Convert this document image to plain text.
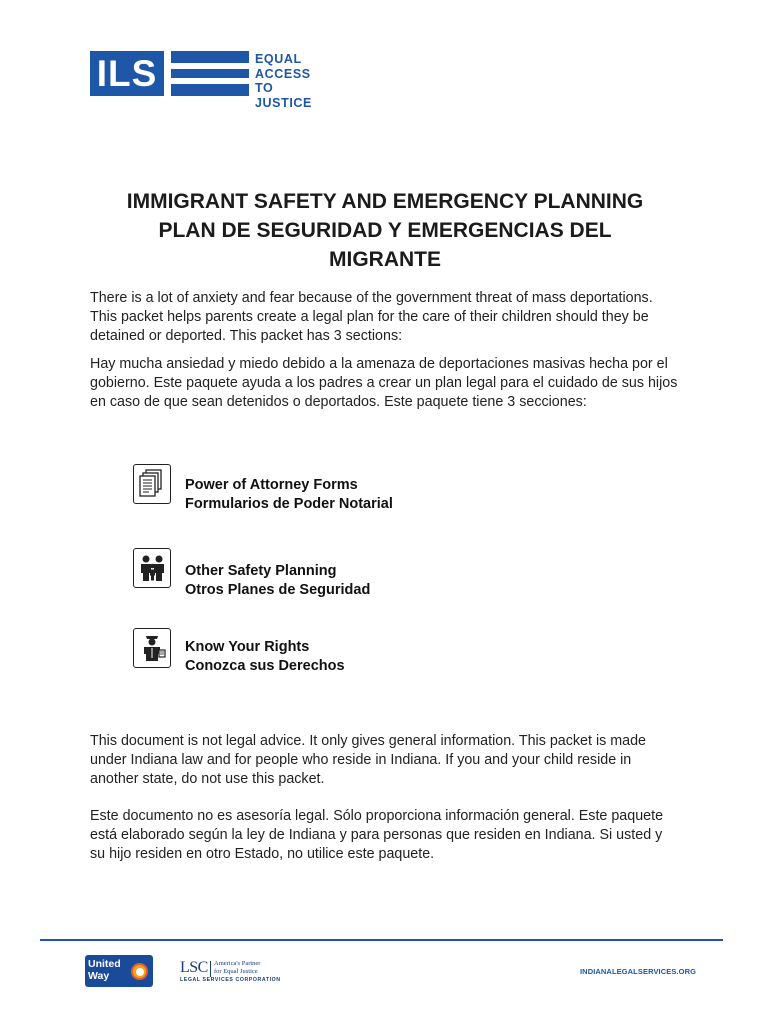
ILS	EQUAL
ACCESS
TO JUSTICE
IMMIGRANT SAFETY AND EMERGENCY PLANNING
PLAN DE SEGURIDAD Y EMERGENCIAS DEL
MIGRANTE
There is a lot of anxiety and fear because of the government threat of mass deportations. This packet helps parents create a legal plan for the care of their children should they be detained or deported. This packet has 3 sections:
Hay mucha ansiedad y miedo debido a la amenaza de deportaciones masivas hecha por el gobierno. Este paquete ayuda a los padres a crear un plan legal para el cuidado de sus hijos en caso de que sean detenidos o deportados. Este paquete tiene 3 secciones:
Power of Attorney Forms
Formularios de Poder Notarial
Other Safety Planning
Otros Planes de Seguridad
Know Your Rights
Conozca sus Derechos
This document is not legal advice. It only gives general information. This packet is made under Indiana law and for people who reside in Indiana. If you and your child reside in another state, do not use this packet.
Este documento no es asesoría legal. Sólo proporciona información general. Este paquete está elaborado según la ley de Indiana y para personas que residen en Indiana. Si usted y su hijo residen en otro Estado, no utilice este paquete.
United
Way	LSC America's Partner
for Equal Justice
LEGAL SERVICES CORPORATION
INDIANALEGALSERVICES.ORG
